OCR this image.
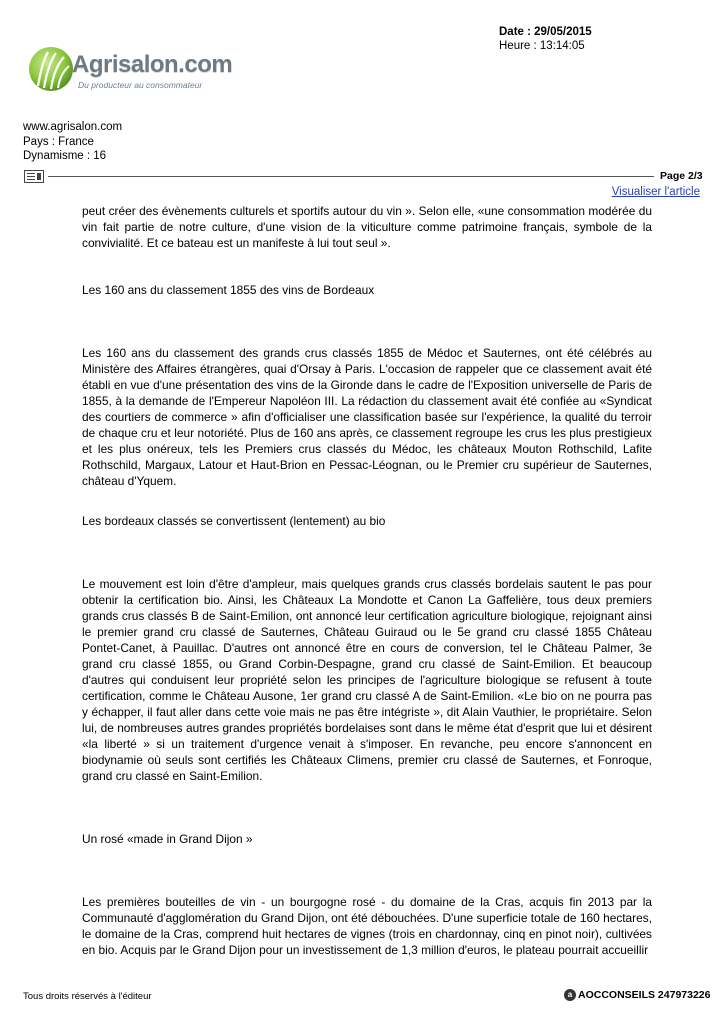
Date : 29/05/2015
Heure : 13:14:05
Agrisalon.com
Du producteur au consommateur
www.agrisalon.com
Pays : France
Dynamisme : 16
Page 2/3
Visualiser l'article

peut créer des évènements culturels et sportifs autour du vin ». Selon elle, «une consommation modérée du vin fait partie de notre culture, d'une vision de la viticulture comme patrimoine français, symbole de la convivialité. Et ce bateau est un manifeste à lui tout seul ».

Les 160 ans du classement 1855 des vins de Bordeaux

Les 160 ans du classement des grands crus classés 1855 de Médoc et Sauternes, ont été célébrés au Ministère des Affaires étrangères, quai d'Orsay à Paris. L'occasion de rappeler que ce classement avait été établi en vue d'une présentation des vins de la Gironde dans le cadre de l'Exposition universelle de Paris de 1855, à la demande de l'Empereur Napoléon III. La rédaction du classement avait été confiée au «Syndicat des courtiers de commerce » afin d'officialiser une classification basée sur l'expérience, la qualité du terroir de chaque cru et leur notoriété. Plus de 160 ans après, ce classement regroupe les crus les plus prestigieux et les plus onéreux, tels les Premiers crus classés du Médoc, les châteaux Mouton Rothschild, Lafite Rothschild, Margaux, Latour et Haut-Brion en Pessac-Léognan, ou le Premier cru supérieur de Sauternes, château d'Yquem.

Les bordeaux classés se convertissent (lentement) au bio

Le mouvement est loin d'être d'ampleur, mais quelques grands crus classés bordelais sautent le pas pour obtenir la certification bio. Ainsi, les Châteaux La Mondotte et Canon La Gaffelière, tous deux premiers grands crus classés B de Saint-Emilion, ont annoncé leur certification agriculture biologique, rejoignant ainsi le premier grand cru classé de Sauternes, Château Guiraud ou le 5e grand cru classé 1855 Château Pontet-Canet, à Pauillac. D'autres ont annoncé être en cours de conversion, tel le Château Palmer, 3e grand cru classé 1855, ou Grand Corbin-Despagne, grand cru classé de Saint-Emilion. Et beaucoup d'autres qui conduisent leur propriété selon les principes de l'agriculture biologique se refusent à toute certification, comme le Château Ausone, 1er grand cru classé A de Saint-Emilion. «Le bio on ne pourra pas y échapper, il faut aller dans cette voie mais ne pas être intégriste », dit Alain Vauthier, le propriétaire. Selon lui, de nombreuses autres grandes propriétés bordelaises sont dans le même état d'esprit que lui et désirent «la liberté » si un traitement d'urgence venait à s'imposer. En revanche, peu encore s'annoncent en biodynamie où seuls sont certifiés les Châteaux Climens, premier cru classé de Sauternes, et Fonroque, grand cru classé en Saint-Emilion.

Un rosé «made in Grand Dijon »

Les premières bouteilles de vin - un bourgogne rosé - du domaine de la Cras, acquis fin 2013 par la Communauté d'agglomération du Grand Dijon, ont été débouchées. D'une superficie totale de 160 hectares, le domaine de la Cras, comprend huit hectares de vignes (trois en chardonnay, cinq en pinot noir), cultivées en bio. Acquis par le Grand Dijon pour un investissement de 1,3 million d'euros, le plateau pourrait accueillir

Tous droits réservés à l'éditeur	a AOCCONSEILS 247973226
